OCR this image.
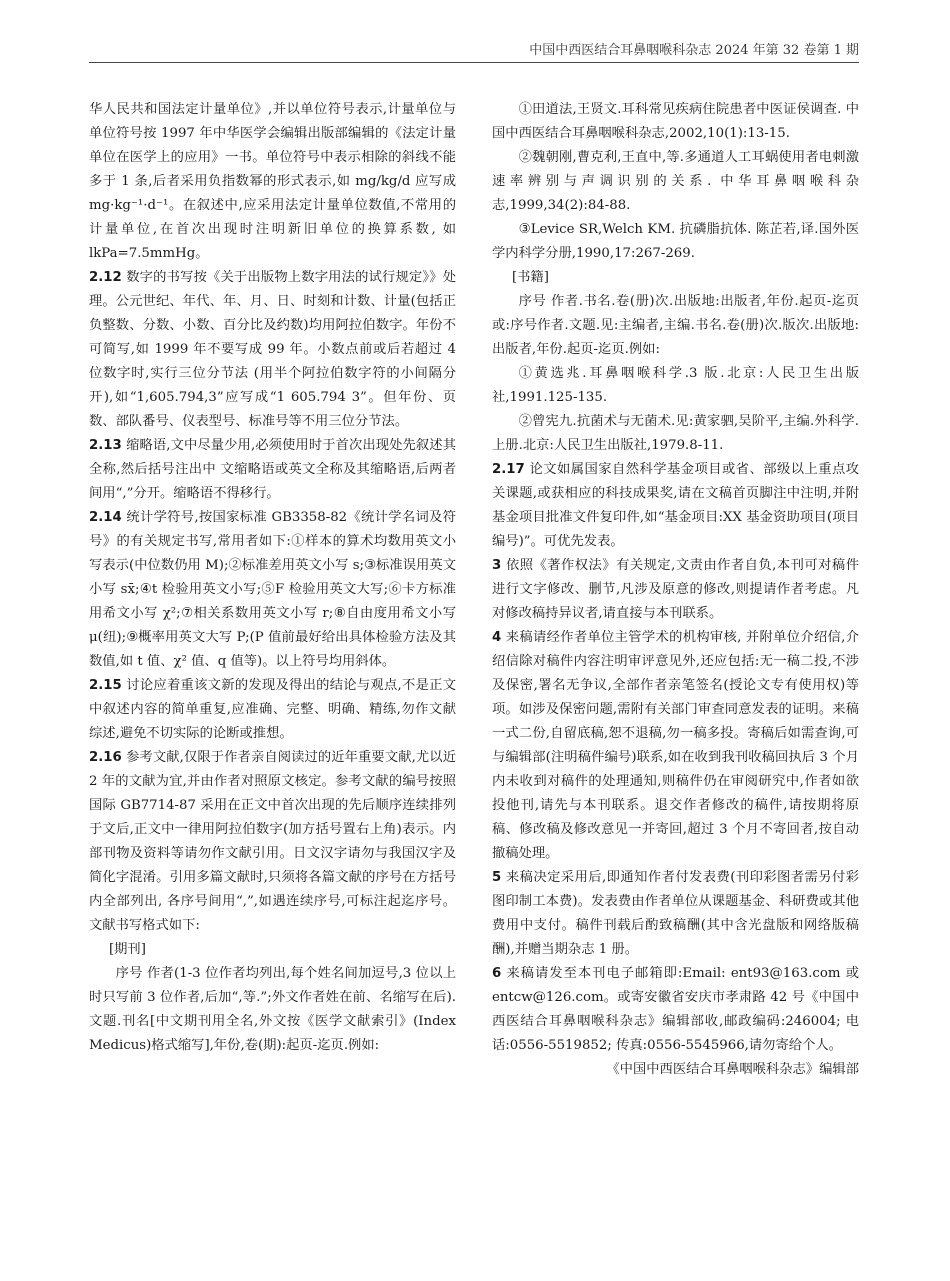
中国中西医结合耳鼻咽喉科杂志 2024 年第 32 卷第 1 期

华人民共和国法定计量单位》,并以单位符号表示,计量单位与单位符号按 1997 年中华医学会编辑出版部编辑的《法定计量单位在医学上的应用》一书。单位符号中表示相除的斜线不能多于 1 条,后者采用负指数幂的形式表示,如 mg/kg/d 应写成 mg·kg⁻¹·d⁻¹。在叙述中,应采用法定计量单位数值,不常用的计量单位,在首次出现时注明新旧单位的换算系数, 如 lkPa=7.5mmHg。

2.12 数字的书写按《关于出版物上数字用法的试行规定》》处理。公元世纪、年代、年、月、日、时刻和计数、计量(包括正负整数、分数、小数、百分比及约数)均用阿拉伯数字。年份不可简写,如 1999 年不要写成 99 年。小数点前或后若超过 4 位数字时,实行三位分节法 (用半个阿拉伯数字符的小间隔分开),如“1,605.794,3”应写成“1 605.794 3”。但年份、页数、部队番号、仪表型号、标准号等不用三位分节法。

2.13 缩略语,文中尽量少用,必须使用时于首次出现处先叙述其全称,然后括号注出中 文缩略语或英文全称及其缩略语,后两者间用“,”分开。缩略语不得移行。

2.14 统计学符号,按国家标准 GB3358-82《统计学名词及符号》的有关规定书写,常用者如下:①样本的算术均数用英文小写表示(中位数仍用 M);②标准差用英文小写 s;③标准误用英文小写 sx̄;④t 检验用英文小写;⑤F 检验用英文大写;⑥卡方标准用希文小写 χ²;⑦相关系数用英文小写 r;⑧自由度用希文小写 μ(纽);⑨概率用英文大写 P;(P 值前最好给出具体检验方法及其数值,如 t 值、χ² 值、q 值等)。以上符号均用斜体。

2.15 讨论应着重该文新的发现及得出的结论与观点,不是正文中叙述内容的简单重复,应准确、完整、明确、精练,勿作文献综述,避免不切实际的论断或推想。

2.16 参考文献,仅限于作者亲自阅读过的近年重要文献,尤以近 2 年的文献为宜,并由作者对照原文核定。参考文献的编号按照国际 GB7714-87 采用在正文中首次出现的先后顺序连续排列于文后,正文中一律用阿拉伯数字(加方括号置右上角)表示。内部刊物及资料等请勿作文献引用。日文汉字请勿与我国汉字及简化字混淆。引用多篇文献时,只须将各篇文献的序号在方括号内全部列出, 各序号间用“,”,如遇连续序号,可标注起迄序号。文献书写格式如下:

[期刊]

序号 作者(1-3 位作者均列出,每个姓名间加逗号,3 位以上时只写前 3 位作者,后加“,等.”;外文作者姓在前、名缩写在后).文题.刊名[中文期刊用全名,外文按《医学文献索引》(Index Medicus)格式缩写],年份,卷(期):起页-迄页.例如:

①田道法,王贤文.耳科常见疾病住院患者中医证侯调查. 中国中西医结合耳鼻咽喉科杂志,2002,10(1):13-15.

②魏朝刚,曹克利,王直中,等.多通道人工耳蜗使用者电刺激速率辨别与声调识别的关系. 中华耳鼻咽喉科杂志,1999,34(2):84-88.

③Levice SR,Welch KM. 抗磷脂抗体. 陈芷若,译.国外医学内科学分册,1990,17:267-269.

[书籍]

序号 作者.书名.卷(册)次.出版地:出版者,年份.起页-迄页或:序号作者.文题.见:主编者,主编.书名.卷(册)次.版次.出版地:出版者,年份.起页-迄页.例如:

①黄选兆.耳鼻咽喉科学.3 版.北京:人民卫生出版社,1991.125-135.

②曾宪九.抗菌术与无菌术.见:黄家驷,吴阶平,主编.外科学.上册.北京:人民卫生出版社,1979.8-11.

2.17 论文如属国家自然科学基金项目或省、部级以上重点攻关课题,或获相应的科技成果奖,请在文稿首页脚注中注明,并附基金项目批准文件复印件,如“基金项目:XX 基金资助项目(项目编号)”。可优先发表。

3 依照《著作权法》有关规定,文责由作者自负,本刊可对稿件进行文字修改、删节,凡涉及原意的修改,则提请作者考虑。凡对修改稿持异议者,请直接与本刊联系。

4 来稿请经作者单位主管学术的机构审核, 并附单位介绍信,介绍信除对稿件内容注明审评意见外,还应包括:无一稿二投,不涉及保密,署名无争议,全部作者亲笔签名(授论文专有使用权)等项。如涉及保密问题,需附有关部门审查同意发表的证明。来稿一式二份,自留底稿,恕不退稿,勿一稿多投。寄稿后如需查询,可与编辑部(注明稿件编号)联系,如在收到我刊收稿回执后 3 个月内未收到对稿件的处理通知,则稿件仍在审阅研究中,作者如欲投他刊,请先与本刊联系。退交作者修改的稿件,请按期将原稿、修改稿及修改意见一并寄回,超过 3 个月不寄回者,按自动撤稿处理。

5 来稿决定采用后,即通知作者付发表费(刊印彩图者需另付彩图印制工本费)。发表费由作者单位从课题基金、科研费或其他费用中支付。稿件刊载后酌致稿酬(其中含光盘版和网络版稿酬),并赠当期杂志 1 册。

6 来稿请发至本刊电子邮箱即:Email: ent93@163.com 或 entcw@126.com。或寄安徽省安庆市孝肃路 42 号《中国中西医结合耳鼻咽喉科杂志》编辑部收,邮政编码:246004; 电话:0556-5519852; 传真:0556-5545966,请勿寄给个人。

《中国中西医结合耳鼻咽喉科杂志》编辑部
